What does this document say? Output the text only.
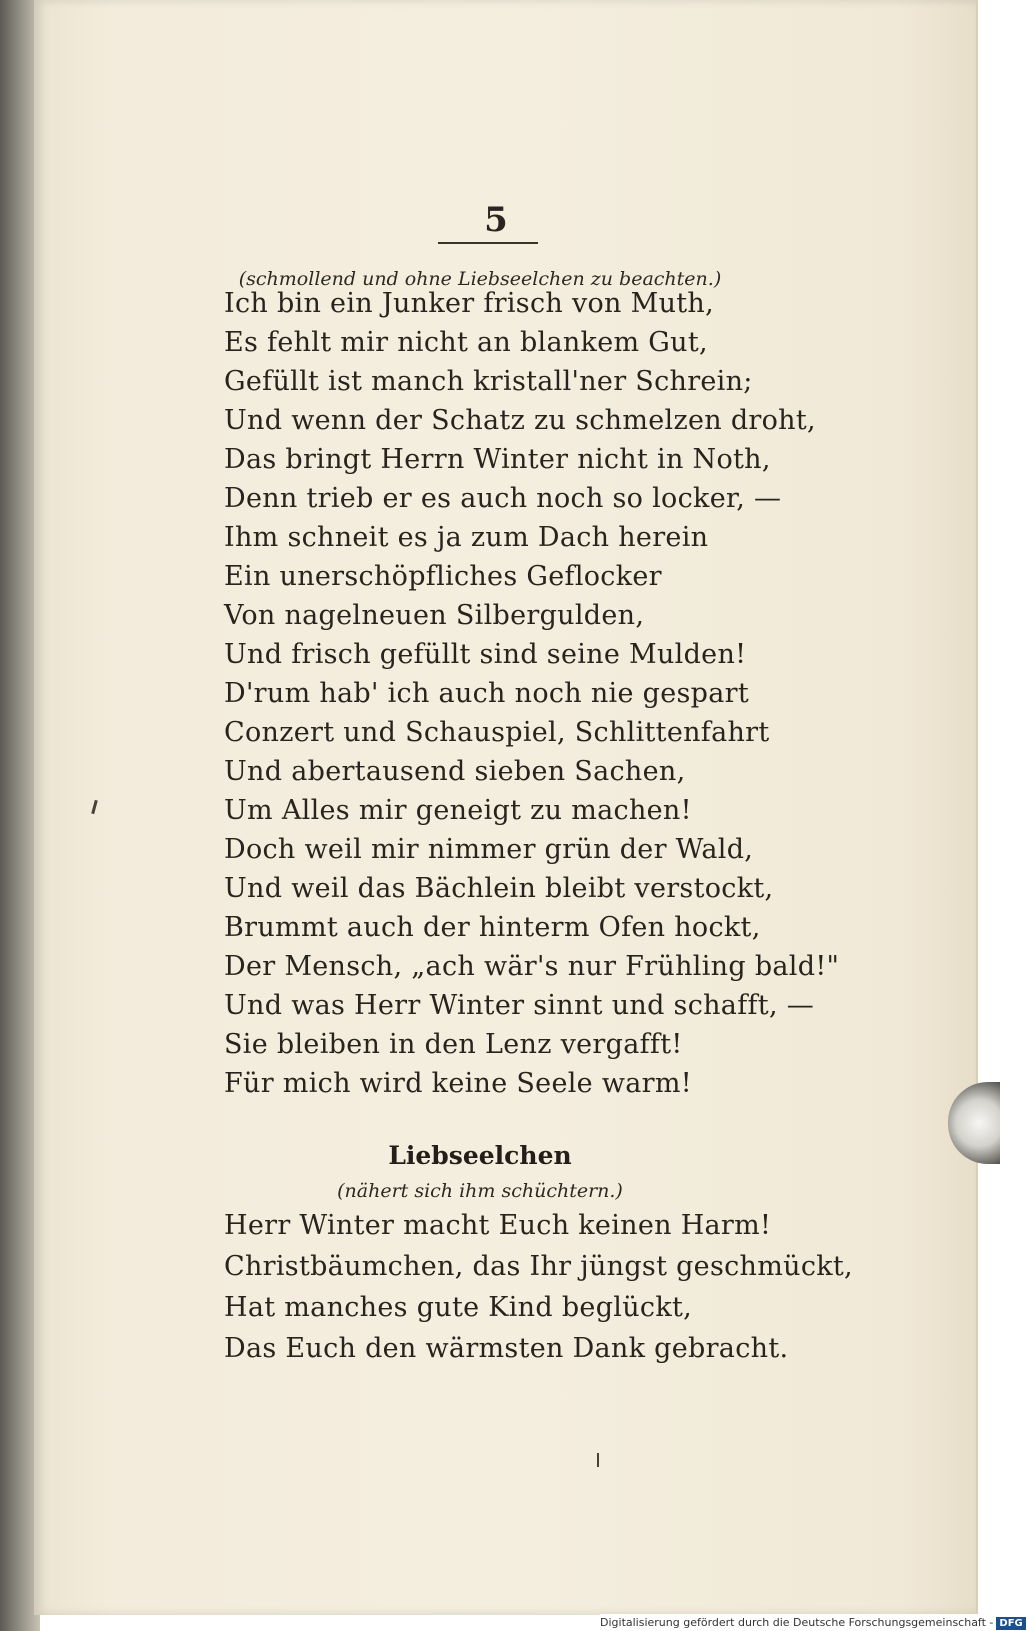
5
(schmollend und ohne Liebseelchen zu beachten.)
Ich bin ein Junker frisch von Muth,
Es fehlt mir nicht an blankem Gut,
Gefüllt ist manch kristall'ner Schrein;
Und wenn der Schatz zu schmelzen droht,
Das bringt Herrn Winter nicht in Noth,
Denn trieb er es auch noch so locker, —
Ihm schneit es ja zum Dach herein
Ein unerschöpfliches Geflocker
Von nagelneuen Silbergulden,
Und frisch gefüllt sind seine Mulden!
D'rum hab' ich auch noch nie gespart
Conzert und Schauspiel, Schlittenfahrt
Und abertausend sieben Sachen,
Um Alles mir geneigt zu machen!
Doch weil mir nimmer grün der Wald,
Und weil das Bächlein bleibt verstockt,
Brummt auch der hinterm Ofen hockt,
Der Mensch, „ach wär's nur Frühling bald!"
Und was Herr Winter sinnt und schafft, —
Sie bleiben in den Lenz vergafft!
Für mich wird keine Seele warm!
Liebseelchen
(nähert sich ihm schüchtern.)
Herr Winter macht Euch keinen Harm!
Christbäumchen, das Ihr jüngst geschmückt,
Hat manches gute Kind beglückt,
Das Euch den wärmsten Dank gebracht.
Digitalisierung gefördert durch die Deutsche Forschungsgemeinschaft - DFG
